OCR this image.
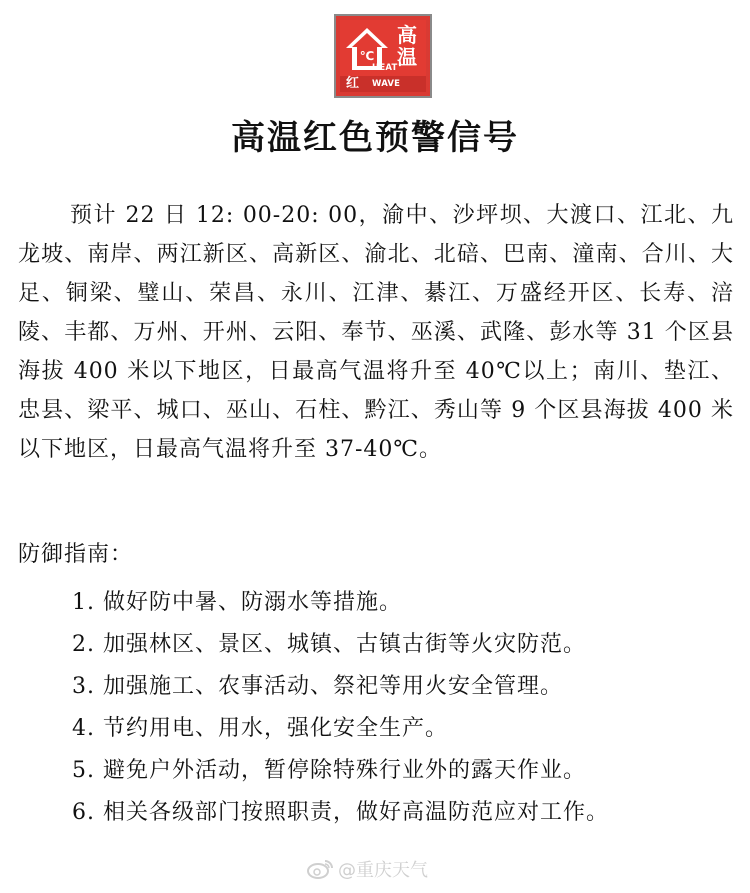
℃
高温
红
HEAT WAVE
高温红色预警信号
预计 22 日 12: 00-20: 00，渝中、沙坪坝、大渡口、江北、九龙坡、南岸、两江新区、高新区、渝北、北碚、巴南、潼南、合川、大足、铜梁、璧山、荣昌、永川、江津、綦江、万盛经开区、长寿、涪陵、丰都、万州、开州、云阳、奉节、巫溪、武隆、彭水等 31 个区县海拔 400 米以下地区，日最高气温将升至 40℃以上；南川、垫江、忠县、梁平、城口、巫山、石柱、黔江、秀山等 9 个区县海拔 400 米以下地区，日最高气温将升至 37-40℃。
防御指南：
1. 做好防中暑、防溺水等措施。
2. 加强林区、景区、城镇、古镇古街等火灾防范。
3. 加强施工、农事活动、祭祀等用火安全管理。
4. 节约用电、用水，强化安全生产。
5. 避免户外活动，暂停除特殊行业外的露天作业。
6. 相关各级部门按照职责，做好高温防范应对工作。
@重庆天气
